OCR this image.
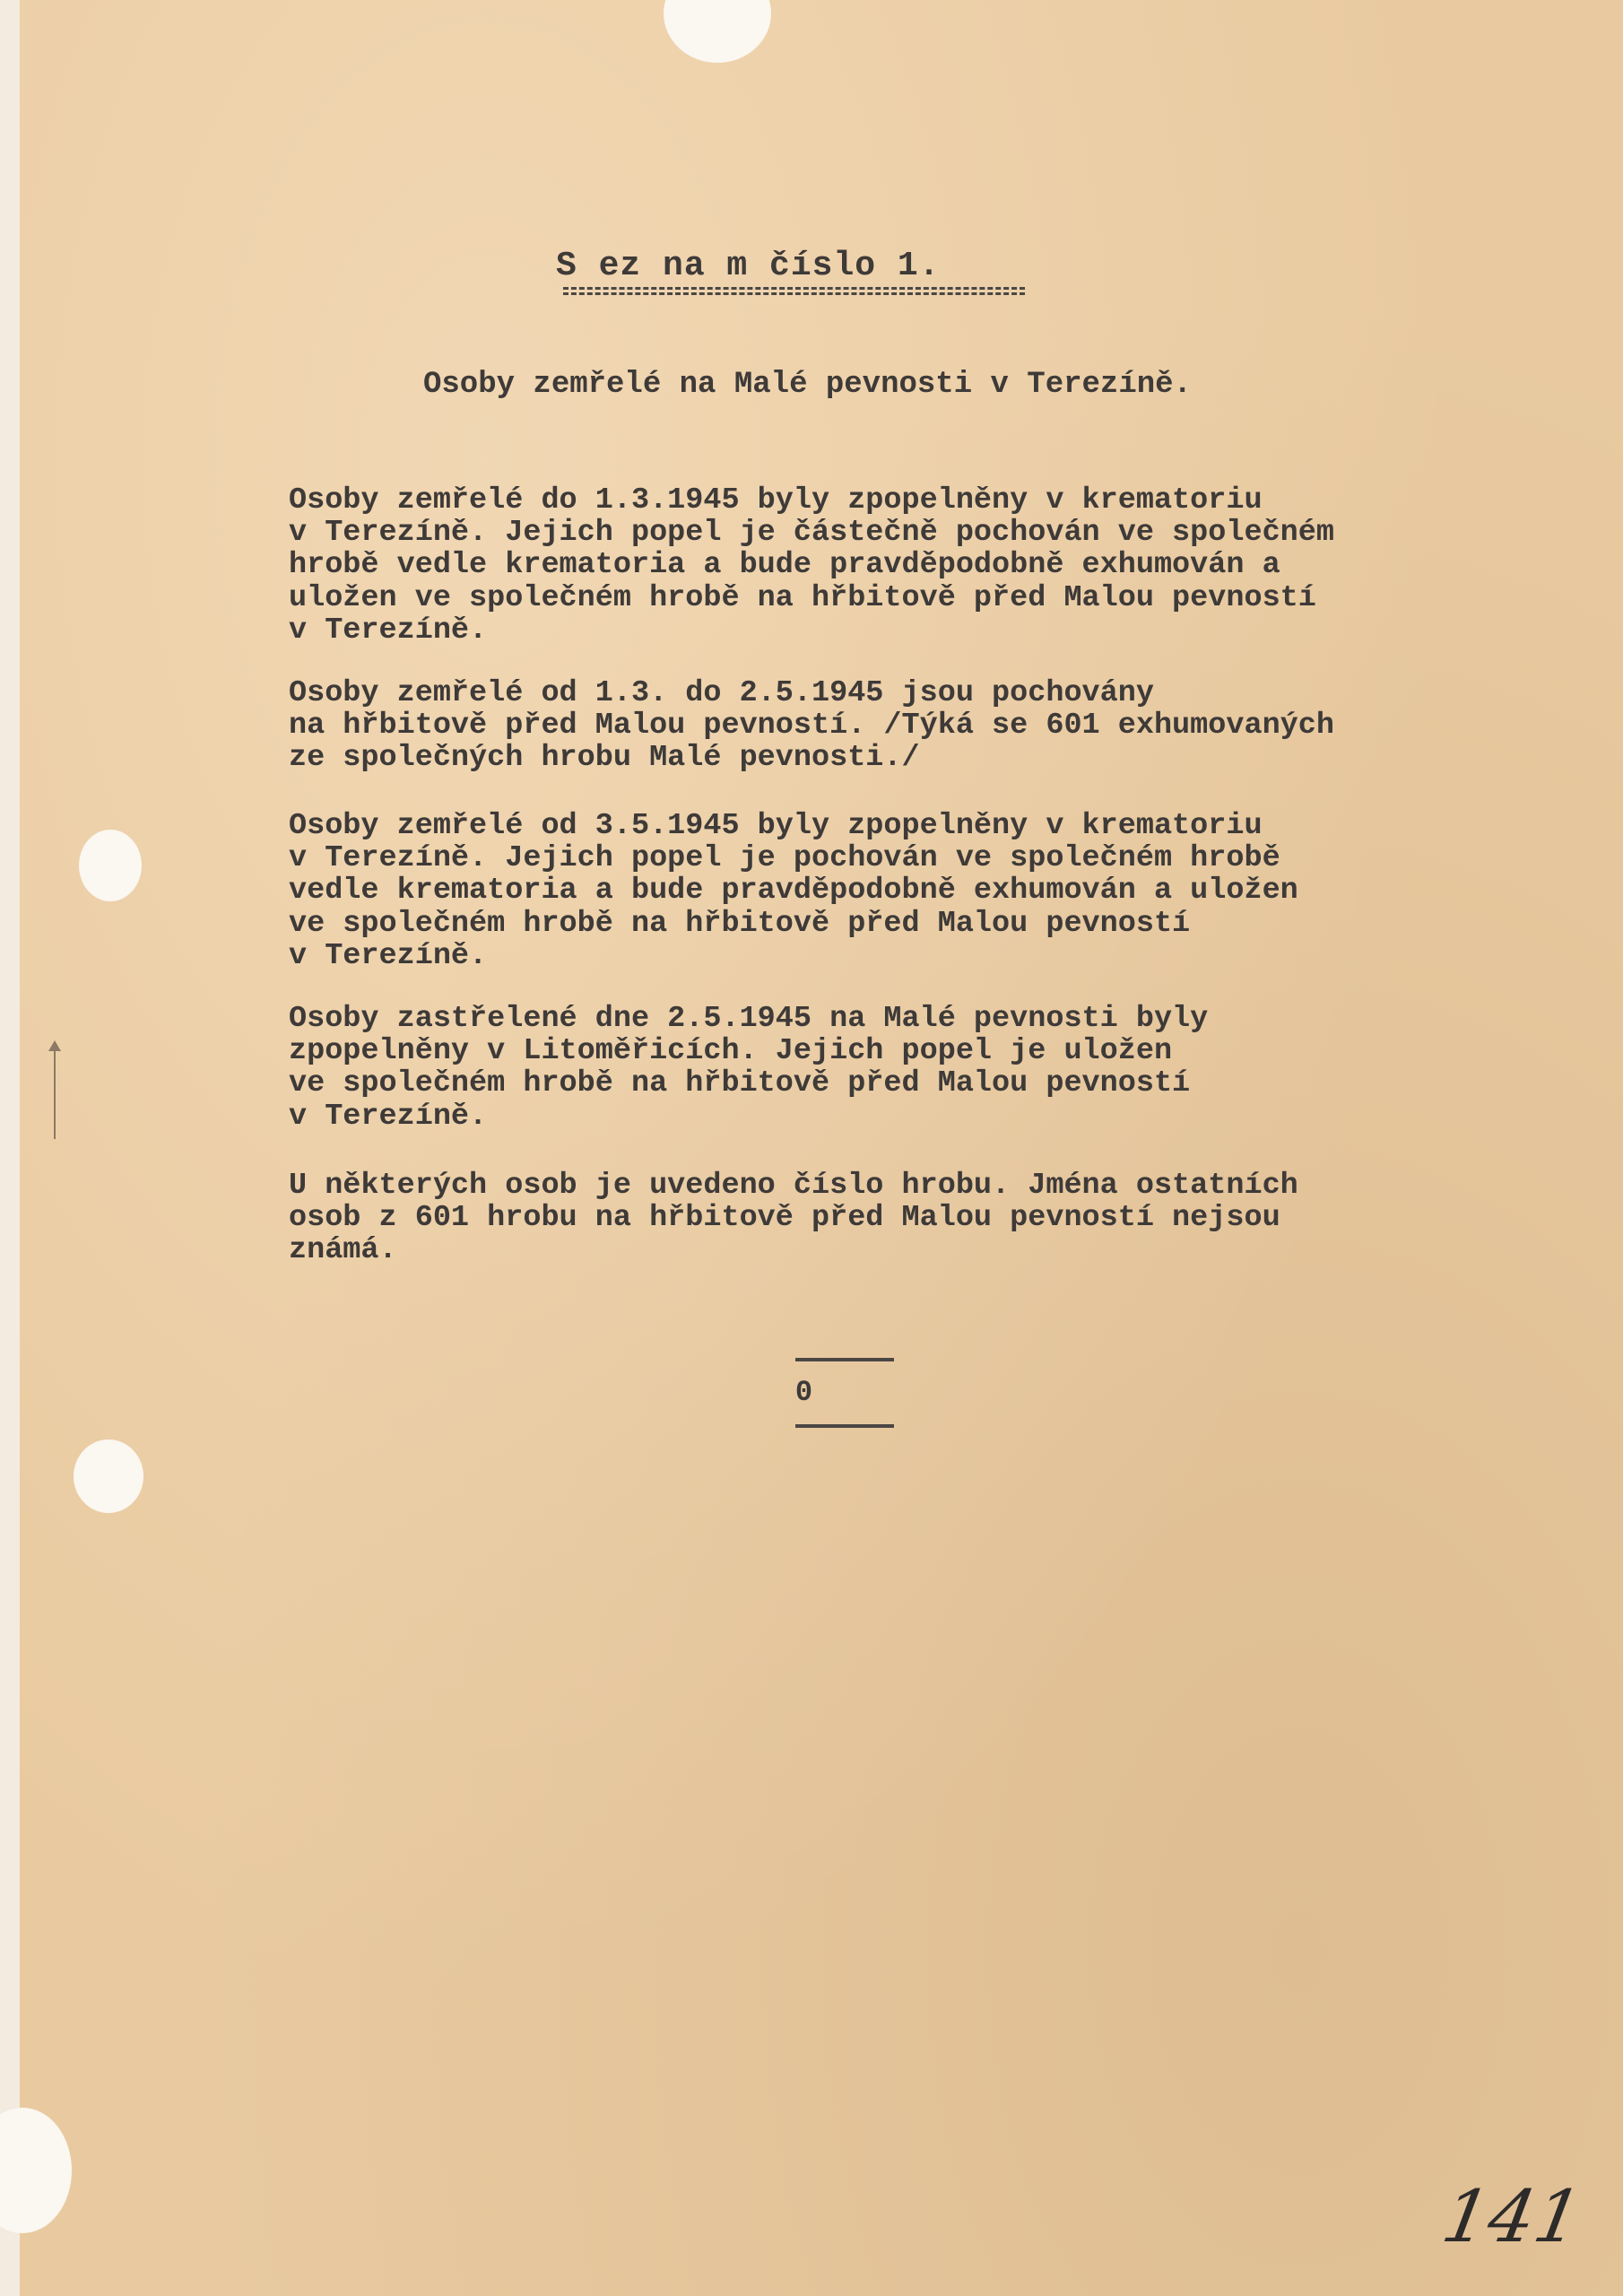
S ez na m číslo 1.
Osoby zemřelé na Malé pevnosti v Terezíně.

Osoby zemřelé do 1.3.1945 byly zpopelněny v krematoriu

v Terezíně. Jejich popel je částečně pochován ve společném

hrobě vedle krematoria a bude pravděpodobně exhumován a

uložen ve společném hrobě na hřbitově před Malou pevností

v Terezíně.

Osoby zemřelé od 1.3. do 2.5.1945 jsou pochovány

na hřbitově před Malou pevností. /Týká se 601 exhumovaných

ze společných hrobu Malé pevnosti./

Osoby zemřelé od 3.5.1945 byly zpopelněny v krematoriu

v Terezíně. Jejich popel je pochován ve společném hrobě

vedle krematoria a bude pravděpodobně exhumován a uložen

ve společném hrobě na hřbitově před Malou pevností

v Terezíně.

Osoby zastřelené dne 2.5.1945 na Malé pevnosti byly

zpopelněny v Litoměřicích. Jejich popel je uložen

ve společném hrobě na hřbitově před Malou pevností

v Terezíně.

U některých osob je uvedeno číslo hrobu. Jména ostatních

osob z 601 hrobu na hřbitově před Malou pevností nejsou

známá.

0

141
